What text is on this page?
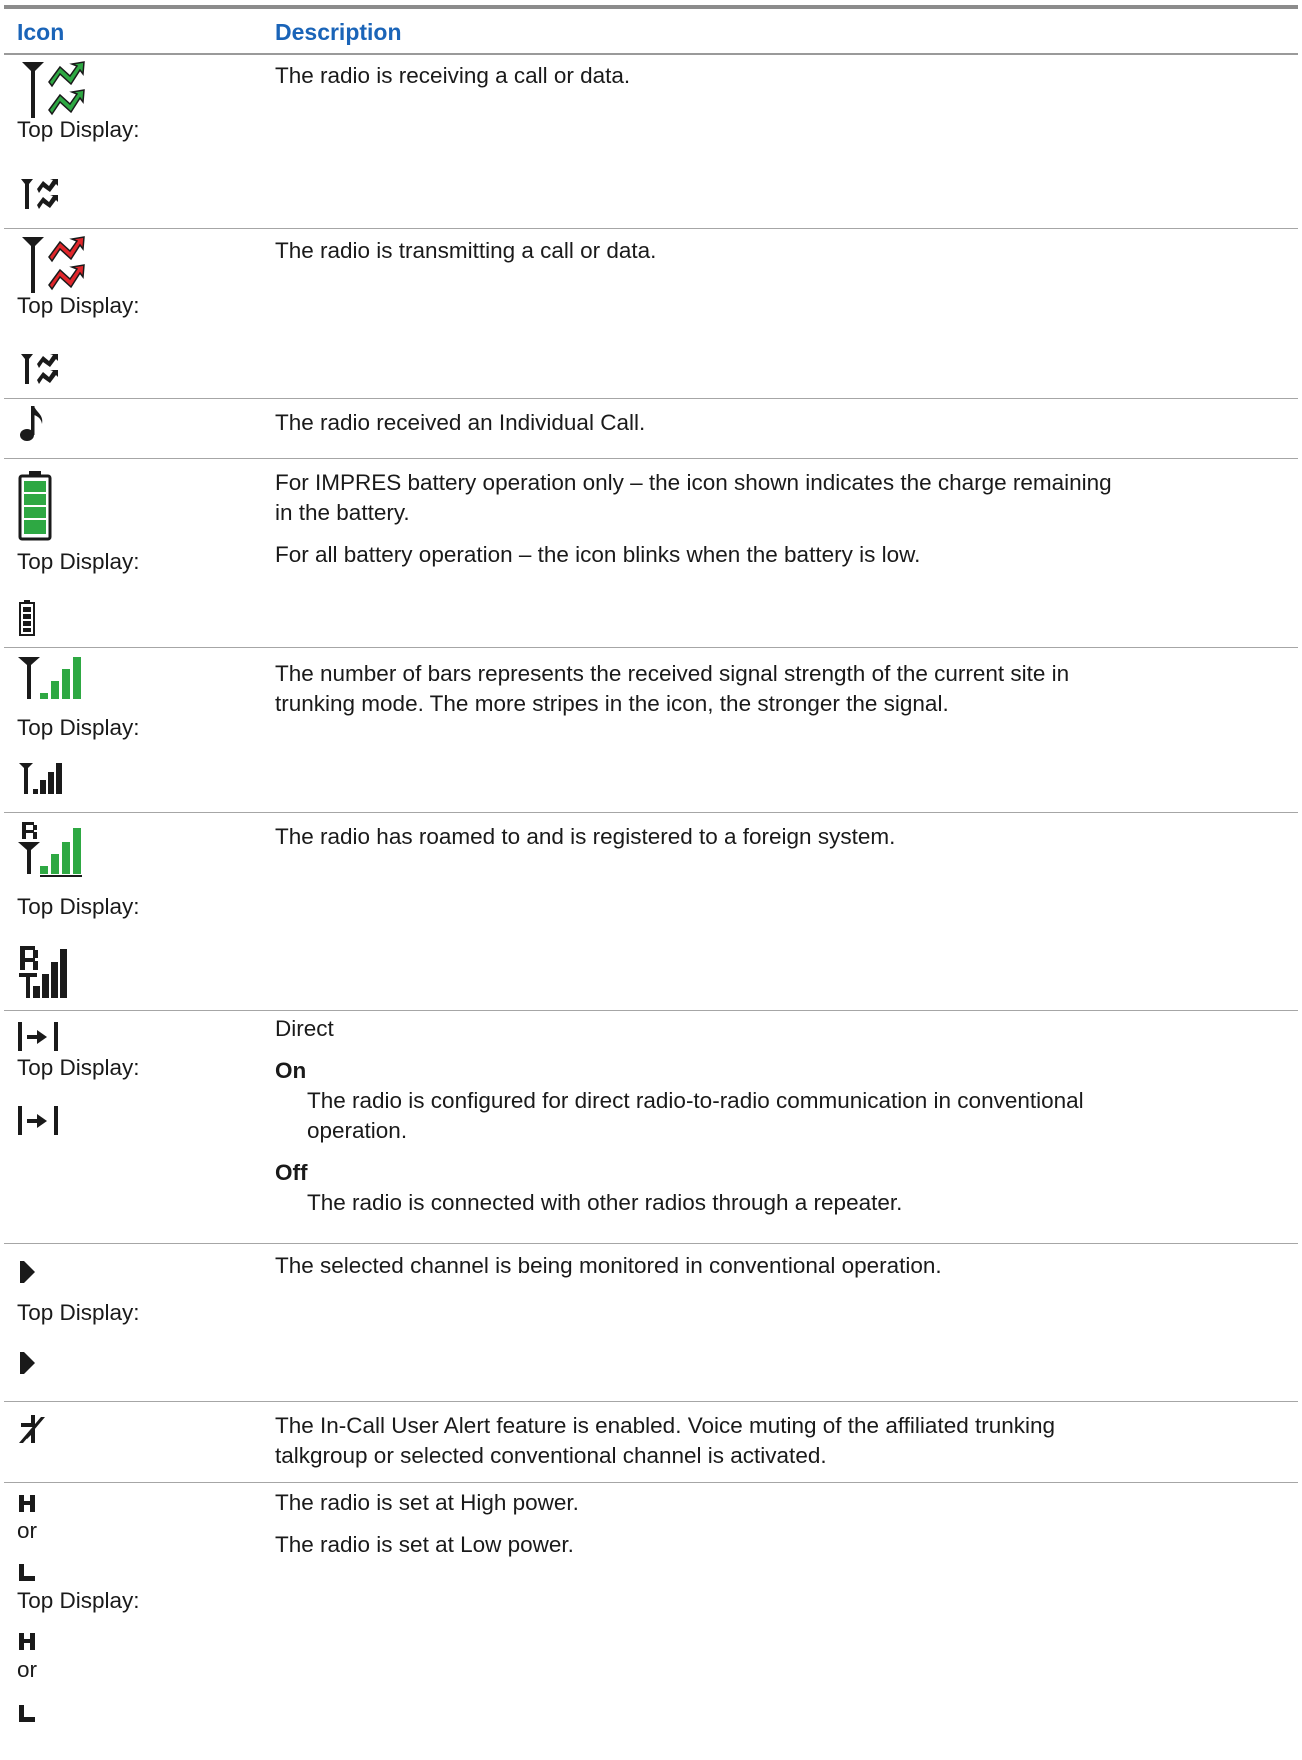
Icon	Description
Top Display:

The radio is receiving a call or data.

Top Display:

The radio is transmitting a call or data.

The radio received an Individual Call.

Top Display:

For IMPRES battery operation only – the icon shown indicates the charge remaining

in the battery.

For all battery operation – the icon blinks when the battery is low.

Top Display:

The number of bars represents the received signal strength of the current site in

trunking mode. The more stripes in the icon, the stronger the signal.

Top Display:

The radio has roamed to and is registered to a foreign system.

Top Display:

Direct

On

The radio is configured for direct radio-to-radio communication in conventional

operation.

Off

The radio is connected with other radios through a repeater.

Top Display:

The selected channel is being monitored in conventional operation.

The In-Call User Alert feature is enabled. Voice muting of the affiliated trunking

talkgroup or selected conventional channel is activated.

or
Top Display:
or

The radio is set at High power.

The radio is set at Low power.
